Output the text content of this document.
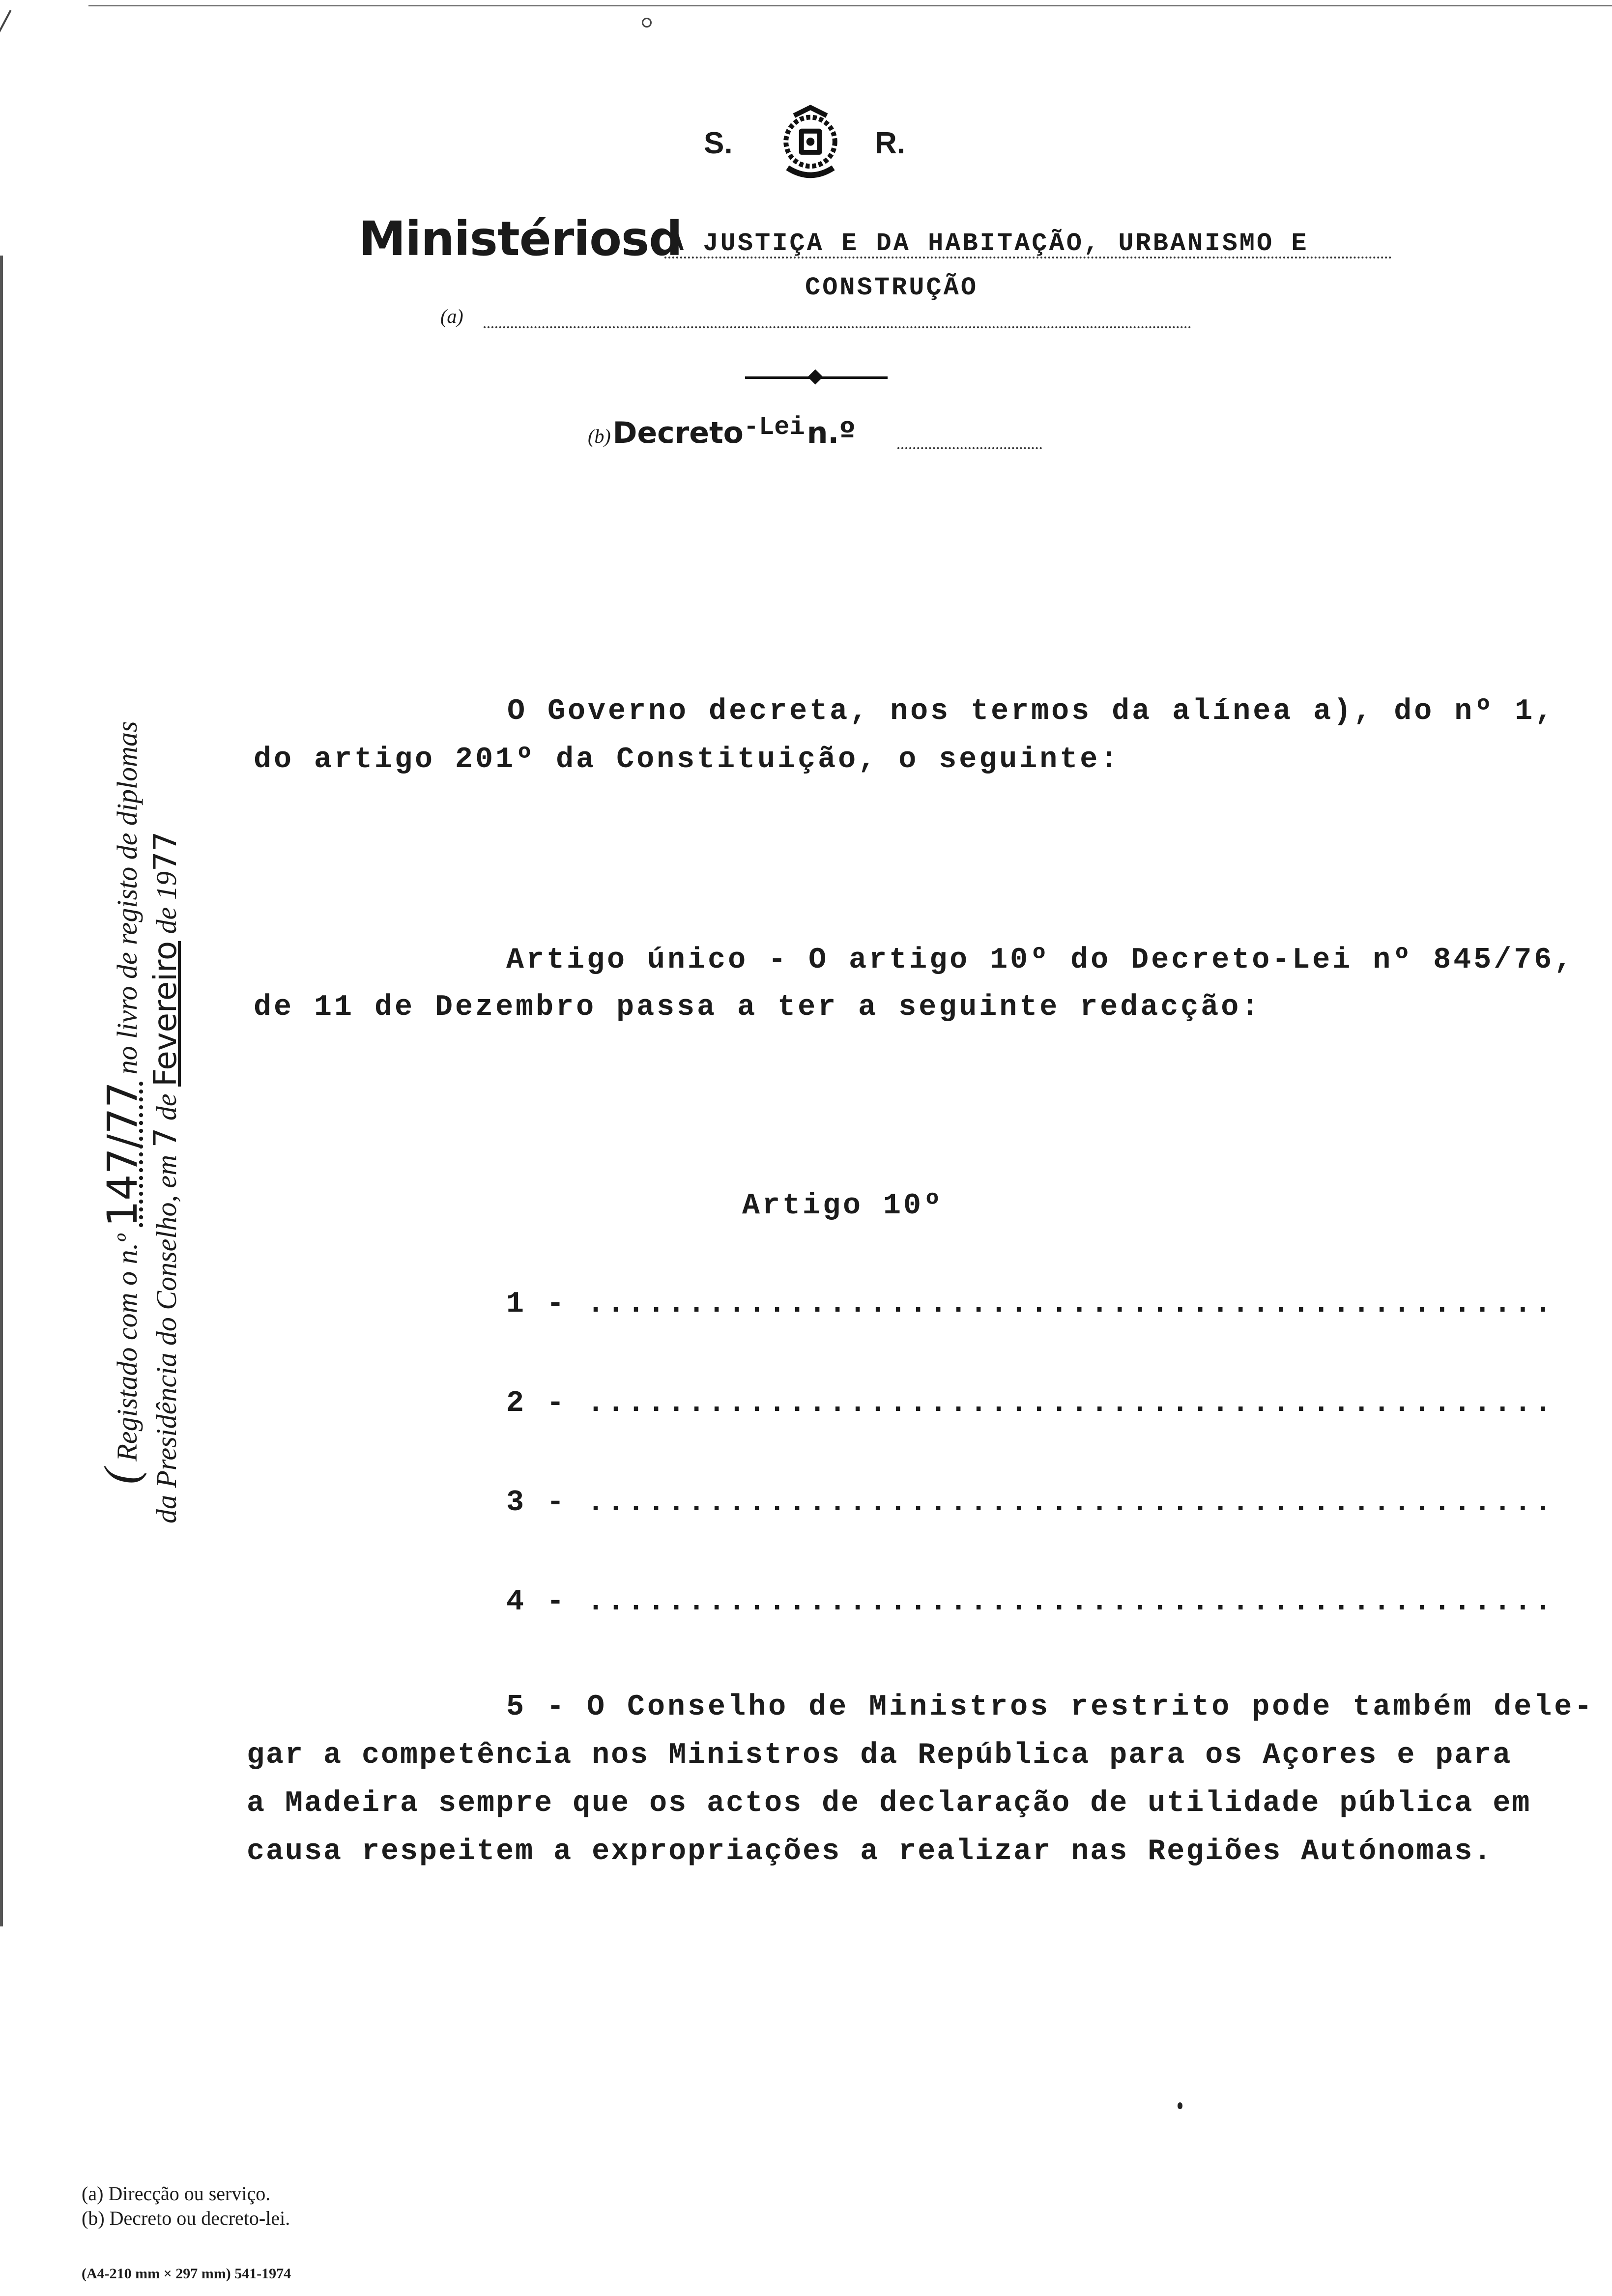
S.	R.
Ministériosd
A JUSTIÇA E DA HABITAÇÃO, URBANISMO E
CONSTRUÇÃO
(a)
(b) Decreto-Lei n.º
( Registado com o n.º 147/77 no livro de registo de diplomas
da Presidência do Conselho, em 7 de Fevereiro de 1977
O Governo decreta, nos termos da alínea a), do nº 1,
do artigo 201º da Constituição, o seguinte:
Artigo único - O artigo 10º do Decreto-Lei nº 845/76,
de 11 de Dezembro passa a ter a seguinte redacção:
Artigo 10º
1 - ................................................
2 - ................................................
3 - ................................................
4 - ................................................
5 - O Conselho de Ministros restrito pode também dele-
gar a competência nos Ministros da República para os Açores e para
a Madeira sempre que os actos de declaração de utilidade pública em
causa respeitem a expropriações a realizar nas Regiões Autónomas.
(a) Direcção ou serviço.
(b) Decreto ou decreto-lei.
(A4-210 mm × 297 mm) 541-1974
